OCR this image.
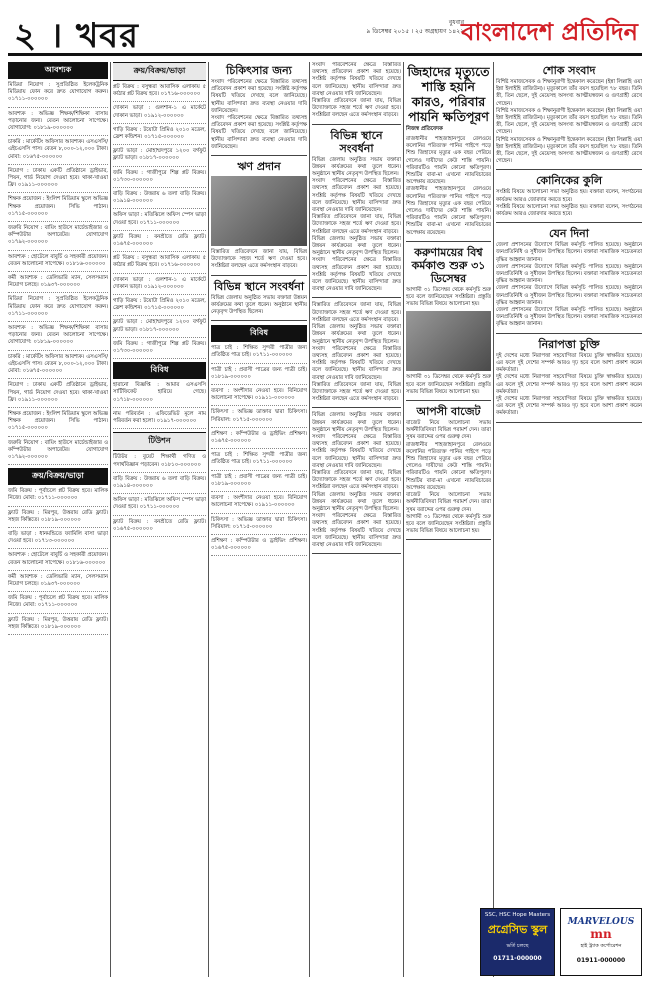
২ । খবর	বুধবার
৯ ডিসেম্বর ২০১৫ । ২৫ অগ্রহায়ণ ১৪২২
বাংলাদেশ প্রতিদিন
আবশ্যক
মিডিয়া নিয়োগ : সুপ্রতিষ্ঠিত ইলেকট্রনিক মিডিয়ায় ফোন করে দ্রুত যোগাযোগ করুন। ০১৭১১-০০০০০০
আবশ্যক : অভিজ্ঞ শিক্ষক/শিক্ষিকা বাসায় পড়ানোর জন্য। বেতন আলোচনা সাপেক্ষে। যোগাযোগ: ০১৮১৯-০০০০০০
চাকরি : মার্কেটিং অফিসার আবশ্যক। এসএসসি/এইচএসসি পাস। বেতন ৮,০০০-১২,০০০ টাকা। মোবা: ০১৬৭৫-০০০০০০
নিয়োগ : ঢাকায় একটি প্রতিষ্ঠানে ড্রাইভার, পিয়ন, গার্ড নিয়োগ দেওয়া হবে। থাকা-খাওয়া ফ্রি। ০১৯১১-০০০০০০
শিক্ষক প্রয়োজন : ইংলিশ মিডিয়াম স্কুলে অভিজ্ঞ শিক্ষক প্রয়োজন। সিভি পাঠান। ০১৭১৫-০০০০০০
জরুরি নিয়োগ : বায়িং হাউসে মার্চেন্ডাইজার ও কম্পিউটার অপারেটর। যোগাযোগ ০১৭৯২-০০০০০০
আবশ্যক : হোটেলে বাবুর্চি ও সহকারী প্রয়োজন। বেতন আলোচনা সাপেক্ষে। ০১৮১৬-০০০০০০
কর্মী আবশ্যক : ডেলিভারি ম্যান, সেলসম্যান নিয়োগ চলছে। ০১৯৩৭-০০০০০০
মিডিয়া নিয়োগ : সুপ্রতিষ্ঠিত ইলেকট্রনিক মিডিয়ায় ফোন করে দ্রুত যোগাযোগ করুন। ০১৭১১-০০০০০০
আবশ্যক : অভিজ্ঞ শিক্ষক/শিক্ষিকা বাসায় পড়ানোর জন্য। বেতন আলোচনা সাপেক্ষে। যোগাযোগ: ০১৮১৯-০০০০০০
চাকরি : মার্কেটিং অফিসার আবশ্যক। এসএসসি/এইচএসসি পাস। বেতন ৮,০০০-১২,০০০ টাকা। মোবা: ০১৬৭৫-০০০০০০
নিয়োগ : ঢাকায় একটি প্রতিষ্ঠানে ড্রাইভার, পিয়ন, গার্ড নিয়োগ দেওয়া হবে। থাকা-খাওয়া ফ্রি। ০১৯১১-০০০০০০
শিক্ষক প্রয়োজন : ইংলিশ মিডিয়াম স্কুলে অভিজ্ঞ শিক্ষক প্রয়োজন। সিভি পাঠান। ০১৭১৫-০০০০০০
জরুরি নিয়োগ : বায়িং হাউসে মার্চেন্ডাইজার ও কম্পিউটার অপারেটর। যোগাযোগ ০১৭৯২-০০০০০০
ক্রয়/বিক্রয়/ভাড়া
জমি বিক্রয় : পূর্বাচলে প্লট বিক্রয় হবে। মালিক নিজে। মোবা: ০১৭১১-০০০০০০
ফ্ল্যাট বিক্রয় : মিরপুর, উত্তরায় রেডি ফ্ল্যাট। সহজ কিস্তিতে। ০১৮১৯-০০০০০০
বাড়ি ভাড়া : ধানমন্ডিতে ফ্যামিলি বাসা ভাড়া দেওয়া হবে। ০১৭১৩-০০০০০০
আবশ্যক : হোটেলে বাবুর্চি ও সহকারী প্রয়োজন। বেতন আলোচনা সাপেক্ষে। ০১৮১৬-০০০০০০
কর্মী আবশ্যক : ডেলিভারি ম্যান, সেলসম্যান নিয়োগ চলছে। ০১৯৩৭-০০০০০০
জমি বিক্রয় : পূর্বাচলে প্লট বিক্রয় হবে। মালিক নিজে। মোবা: ০১৭১১-০০০০০০
ফ্ল্যাট বিক্রয় : মিরপুর, উত্তরায় রেডি ফ্ল্যাট। সহজ কিস্তিতে। ০১৮১৯-০০০০০০
ক্রয়/বিক্রয়/ভাড়া
প্লট বিক্রয় : বসুন্ধরা আবাসিক এলাকায় ৫ কাঠার প্লট বিক্রয় হবে। ০১৭১৬-০০০০০০
দোকান ভাড়া : গুলশান-১ এ মার্কেটে দোকান ভাড়া। ০১৯১২-০০০০০০
গাড়ি বিক্রয় : টয়োটা প্রিমিও ২০১০ মডেল, ফ্রেশ কন্ডিশন। ০১৭১৫-০০০০০০
ফ্ল্যাট ভাড়া : মোহাম্মদপুরে ১২০০ বর্গফুট ফ্ল্যাট ভাড়া। ০১৮১৭-০০০০০০
জমি বিক্রয় : গাজীপুরে শিল্প প্লট বিক্রয়। ০১৭৩০-০০০০০০
বাড়ি বিক্রয় : উত্তরায় ৬ তলা বাড়ি বিক্রয়। ০১৯১৪-০০০০০০
অফিস ভাড়া : মতিঝিলে অফিস স্পেস ভাড়া দেওয়া হবে। ০১৭১১-০০০০০০
ফ্ল্যাট বিক্রয় : বনশ্রীতে রেডি ফ্ল্যাট। ০১৬৭৫-০০০০০০
প্লট বিক্রয় : বসুন্ধরা আবাসিক এলাকায় ৫ কাঠার প্লট বিক্রয় হবে। ০১৭১৬-০০০০০০
দোকান ভাড়া : গুলশান-১ এ মার্কেটে দোকান ভাড়া। ০১৯১২-০০০০০০
গাড়ি বিক্রয় : টয়োটা প্রিমিও ২০১০ মডেল, ফ্রেশ কন্ডিশন। ০১৭১৫-০০০০০০
ফ্ল্যাট ভাড়া : মোহাম্মদপুরে ১২০০ বর্গফুট ফ্ল্যাট ভাড়া। ০১৮১৭-০০০০০০
জমি বিক্রয় : গাজীপুরে শিল্প প্লট বিক্রয়। ০১৭৩০-০০০০০০
বিবিধ
হারানো বিজ্ঞপ্তি : আমার এসএসসি সার্টিফিকেট হারিয়ে গেছে। ০১৭১৮-০০০০০০
নাম পরিবর্তন : এফিডেভিট মূলে নাম পরিবর্তন করা হলো। ০১৯১৭-০০০০০০
টিউশন
টিউটর : বুয়েট শিক্ষার্থী গণিত ও পদার্থবিজ্ঞান পড়াবেন। ০১৮১০-০০০০০০
বাড়ি বিক্রয় : উত্তরায় ৬ তলা বাড়ি বিক্রয়। ০১৯১৪-০০০০০০
অফিস ভাড়া : মতিঝিলে অফিস স্পেস ভাড়া দেওয়া হবে। ০১৭১১-০০০০০০
ফ্ল্যাট বিক্রয় : বনশ্রীতে রেডি ফ্ল্যাট। ০১৬৭৫-০০০০০০
চিকিৎসার জন্য
সংবাদ পরিবেশনের ক্ষেত্রে বিস্তারিত তথ্যসহ প্রতিবেদন প্রকাশ করা হয়েছে। সংশ্লিষ্ট কর্তৃপক্ষ বিষয়টি খতিয়ে দেখছে বলে জানিয়েছে। স্থানীয় বাসিন্দারা দ্রুত ব্যবস্থা নেওয়ার দাবি জানিয়েছেন।
সংবাদ পরিবেশনের ক্ষেত্রে বিস্তারিত তথ্যসহ প্রতিবেদন প্রকাশ করা হয়েছে। সংশ্লিষ্ট কর্তৃপক্ষ বিষয়টি খতিয়ে দেখছে বলে জানিয়েছে। স্থানীয় বাসিন্দারা দ্রুত ব্যবস্থা নেওয়ার দাবি জানিয়েছেন।
ঋণ প্রদান
বিস্তারিত প্রতিবেদনে জানা যায়, বিভিন্ন উদ্যোক্তাকে সহজ শর্তে ঋণ দেওয়া হবে। সংশ্লিষ্টরা বলছেন এতে কর্মসংস্থান বাড়বে।
বিভিন্ন স্থানে সংবর্ধনা
বিভিন্ন জেলায় অনুষ্ঠিত সভায় বক্তারা উন্নয়ন কার্যক্রমের কথা তুলে ধরেন। অনুষ্ঠানে স্থানীয় নেতৃবৃন্দ উপস্থিত ছিলেন।
বিবিধ
পাত্র চাই : শিক্ষিত সুন্দরী পাত্রীর জন্য প্রতিষ্ঠিত পাত্র চাই। ০১৭১১-০০০০০০
পাত্রী চাই : প্রবাসী পাত্রের জন্য পাত্রী চাই। ০১৮১৯-০০০০০০
ব্যবসা : অংশীদার নেওয়া হবে। বিনিয়োগ আলোচনা সাপেক্ষে। ০১৯১১-০০০০০০
চিকিৎসা : অভিজ্ঞ ডাক্তার দ্বারা চিকিৎসা। সিরিয়াল: ০১৭১৫-০০০০০০
প্রশিক্ষণ : কম্পিউটার ও ড্রাইভিং প্রশিক্ষণ। ০১৬৭৫-০০০০০০
পাত্র চাই : শিক্ষিত সুন্দরী পাত্রীর জন্য প্রতিষ্ঠিত পাত্র চাই। ০১৭১১-০০০০০০
পাত্রী চাই : প্রবাসী পাত্রের জন্য পাত্রী চাই। ০১৮১৯-০০০০০০
ব্যবসা : অংশীদার নেওয়া হবে। বিনিয়োগ আলোচনা সাপেক্ষে। ০১৯১১-০০০০০০
চিকিৎসা : অভিজ্ঞ ডাক্তার দ্বারা চিকিৎসা। সিরিয়াল: ০১৭১৫-০০০০০০
প্রশিক্ষণ : কম্পিউটার ও ড্রাইভিং প্রশিক্ষণ। ০১৬৭৫-০০০০০০
সংবাদ পরিবেশনের ক্ষেত্রে বিস্তারিত তথ্যসহ প্রতিবেদন প্রকাশ করা হয়েছে। সংশ্লিষ্ট কর্তৃপক্ষ বিষয়টি খতিয়ে দেখছে বলে জানিয়েছে। স্থানীয় বাসিন্দারা দ্রুত ব্যবস্থা নেওয়ার দাবি জানিয়েছেন।
বিস্তারিত প্রতিবেদনে জানা যায়, বিভিন্ন উদ্যোক্তাকে সহজ শর্তে ঋণ দেওয়া হবে। সংশ্লিষ্টরা বলছেন এতে কর্মসংস্থান বাড়বে।
বিভিন্ন স্থানে সংবর্ধনা
বিভিন্ন জেলায় অনুষ্ঠিত সভায় বক্তারা উন্নয়ন কার্যক্রমের কথা তুলে ধরেন। অনুষ্ঠানে স্থানীয় নেতৃবৃন্দ উপস্থিত ছিলেন।
সংবাদ পরিবেশনের ক্ষেত্রে বিস্তারিত তথ্যসহ প্রতিবেদন প্রকাশ করা হয়েছে। সংশ্লিষ্ট কর্তৃপক্ষ বিষয়টি খতিয়ে দেখছে বলে জানিয়েছে। স্থানীয় বাসিন্দারা দ্রুত ব্যবস্থা নেওয়ার দাবি জানিয়েছেন।
বিস্তারিত প্রতিবেদনে জানা যায়, বিভিন্ন উদ্যোক্তাকে সহজ শর্তে ঋণ দেওয়া হবে। সংশ্লিষ্টরা বলছেন এতে কর্মসংস্থান বাড়বে।
বিভিন্ন জেলায় অনুষ্ঠিত সভায় বক্তারা উন্নয়ন কার্যক্রমের কথা তুলে ধরেন। অনুষ্ঠানে স্থানীয় নেতৃবৃন্দ উপস্থিত ছিলেন।
সংবাদ পরিবেশনের ক্ষেত্রে বিস্তারিত তথ্যসহ প্রতিবেদন প্রকাশ করা হয়েছে। সংশ্লিষ্ট কর্তৃপক্ষ বিষয়টি খতিয়ে দেখছে বলে জানিয়েছে। স্থানীয় বাসিন্দারা দ্রুত ব্যবস্থা নেওয়ার দাবি জানিয়েছেন।
বিস্তারিত প্রতিবেদনে জানা যায়, বিভিন্ন উদ্যোক্তাকে সহজ শর্তে ঋণ দেওয়া হবে। সংশ্লিষ্টরা বলছেন এতে কর্মসংস্থান বাড়বে।
বিভিন্ন জেলায় অনুষ্ঠিত সভায় বক্তারা উন্নয়ন কার্যক্রমের কথা তুলে ধরেন। অনুষ্ঠানে স্থানীয় নেতৃবৃন্দ উপস্থিত ছিলেন।
সংবাদ পরিবেশনের ক্ষেত্রে বিস্তারিত তথ্যসহ প্রতিবেদন প্রকাশ করা হয়েছে। সংশ্লিষ্ট কর্তৃপক্ষ বিষয়টি খতিয়ে দেখছে বলে জানিয়েছে। স্থানীয় বাসিন্দারা দ্রুত ব্যবস্থা নেওয়ার দাবি জানিয়েছেন।
বিস্তারিত প্রতিবেদনে জানা যায়, বিভিন্ন উদ্যোক্তাকে সহজ শর্তে ঋণ দেওয়া হবে। সংশ্লিষ্টরা বলছেন এতে কর্মসংস্থান বাড়বে।
বিভিন্ন জেলায় অনুষ্ঠিত সভায় বক্তারা উন্নয়ন কার্যক্রমের কথা তুলে ধরেন। অনুষ্ঠানে স্থানীয় নেতৃবৃন্দ উপস্থিত ছিলেন।
সংবাদ পরিবেশনের ক্ষেত্রে বিস্তারিত তথ্যসহ প্রতিবেদন প্রকাশ করা হয়েছে। সংশ্লিষ্ট কর্তৃপক্ষ বিষয়টি খতিয়ে দেখছে বলে জানিয়েছে। স্থানীয় বাসিন্দারা দ্রুত ব্যবস্থা নেওয়ার দাবি জানিয়েছেন।
বিস্তারিত প্রতিবেদনে জানা যায়, বিভিন্ন উদ্যোক্তাকে সহজ শর্তে ঋণ দেওয়া হবে। সংশ্লিষ্টরা বলছেন এতে কর্মসংস্থান বাড়বে।
বিভিন্ন জেলায় অনুষ্ঠিত সভায় বক্তারা উন্নয়ন কার্যক্রমের কথা তুলে ধরেন। অনুষ্ঠানে স্থানীয় নেতৃবৃন্দ উপস্থিত ছিলেন।
সংবাদ পরিবেশনের ক্ষেত্রে বিস্তারিত তথ্যসহ প্রতিবেদন প্রকাশ করা হয়েছে। সংশ্লিষ্ট কর্তৃপক্ষ বিষয়টি খতিয়ে দেখছে বলে জানিয়েছে। স্থানীয় বাসিন্দারা দ্রুত ব্যবস্থা নেওয়ার দাবি জানিয়েছেন।
জিহাদের মৃত্যুতে শাস্তি হয়নি কারও, পরিবার পায়নি ক্ষতিপূরণ
নিজস্ব প্রতিবেদক
রাজধানীর শাহজাহানপুরে রেলওয়ে কলোনির পরিত্যক্ত পানির পাইপে পড়ে শিশু জিহাদের মৃত্যুর এক বছর পেরিয়ে গেলেও দায়ীদের কেউ শাস্তি পায়নি। পরিবারটিও পায়নি কোনো ক্ষতিপূরণ। শিশুটির বাবা-মা এখনো ন্যায়বিচারের অপেক্ষায় রয়েছেন।
রাজধানীর শাহজাহানপুরে রেলওয়ে কলোনির পরিত্যক্ত পানির পাইপে পড়ে শিশু জিহাদের মৃত্যুর এক বছর পেরিয়ে গেলেও দায়ীদের কেউ শাস্তি পায়নি। পরিবারটিও পায়নি কোনো ক্ষতিপূরণ। শিশুটির বাবা-মা এখনো ন্যায়বিচারের অপেক্ষায় রয়েছেন।
করুণাময়ের বিশ্ব কর্মকাণ্ড শুরু ৩১ ডিসেম্বর
আগামী ৩১ ডিসেম্বর থেকে কর্মসূচি শুরু হবে বলে জানিয়েছেন সংশ্লিষ্টরা। প্রস্তুতি সভায় বিভিন্ন বিষয়ে আলোচনা হয়।
আগামী ৩১ ডিসেম্বর থেকে কর্মসূচি শুরু হবে বলে জানিয়েছেন সংশ্লিষ্টরা। প্রস্তুতি সভায় বিভিন্ন বিষয়ে আলোচনা হয়।
আপসী বাজেট
বাজেট নিয়ে আলোচনা সভায় অর্থনীতিবিদরা বিভিন্ন পরামর্শ দেন। তারা সুষম বরাদ্দের ওপর গুরুত্ব দেন।
রাজধানীর শাহজাহানপুরে রেলওয়ে কলোনির পরিত্যক্ত পানির পাইপে পড়ে শিশু জিহাদের মৃত্যুর এক বছর পেরিয়ে গেলেও দায়ীদের কেউ শাস্তি পায়নি। পরিবারটিও পায়নি কোনো ক্ষতিপূরণ। শিশুটির বাবা-মা এখনো ন্যায়বিচারের অপেক্ষায় রয়েছেন।
বাজেট নিয়ে আলোচনা সভায় অর্থনীতিবিদরা বিভিন্ন পরামর্শ দেন। তারা সুষম বরাদ্দের ওপর গুরুত্ব দেন।
আগামী ৩১ ডিসেম্বর থেকে কর্মসূচি শুরু হবে বলে জানিয়েছেন সংশ্লিষ্টরা। প্রস্তুতি সভায় বিভিন্ন বিষয়ে আলোচনা হয়।
শোক সংবাদ
বিশিষ্ট সমাজসেবক ও শিক্ষানুরাগী ইন্তেকাল করেছেন (ইন্না লিল্লাহি ওয়া ইন্না ইলাইহি রাজিউন)। মৃত্যুকালে তাঁর বয়স হয়েছিল ৭৮ বছর। তিনি স্ত্রী, তিন ছেলে, দুই মেয়েসহ অসংখ্য আত্মীয়স্বজন ও গুণগ্রাহী রেখে গেছেন।
বিশিষ্ট সমাজসেবক ও শিক্ষানুরাগী ইন্তেকাল করেছেন (ইন্না লিল্লাহি ওয়া ইন্না ইলাইহি রাজিউন)। মৃত্যুকালে তাঁর বয়স হয়েছিল ৭৮ বছর। তিনি স্ত্রী, তিন ছেলে, দুই মেয়েসহ অসংখ্য আত্মীয়স্বজন ও গুণগ্রাহী রেখে গেছেন।
বিশিষ্ট সমাজসেবক ও শিক্ষানুরাগী ইন্তেকাল করেছেন (ইন্না লিল্লাহি ওয়া ইন্না ইলাইহি রাজিউন)। মৃত্যুকালে তাঁর বয়স হয়েছিল ৭৮ বছর। তিনি স্ত্রী, তিন ছেলে, দুই মেয়েসহ অসংখ্য আত্মীয়স্বজন ও গুণগ্রাহী রেখে গেছেন।
কোনিকের কুলি
সংশ্লিষ্ট বিষয়ে আলোচনা সভা অনুষ্ঠিত হয়। বক্তারা বলেন, সংগঠনের কার্যক্রম আরও জোরদার করতে হবে।
সংশ্লিষ্ট বিষয়ে আলোচনা সভা অনুষ্ঠিত হয়। বক্তারা বলেন, সংগঠনের কার্যক্রম আরও জোরদার করতে হবে।
যেন দিনা
জেলা প্রশাসনের উদ্যোগে বিভিন্ন কর্মসূচি পালিত হয়েছে। অনুষ্ঠানে জনপ্রতিনিধি ও সুধীজন উপস্থিত ছিলেন। বক্তারা সামাজিক সচেতনতা বৃদ্ধির আহ্বান জানান।
জেলা প্রশাসনের উদ্যোগে বিভিন্ন কর্মসূচি পালিত হয়েছে। অনুষ্ঠানে জনপ্রতিনিধি ও সুধীজন উপস্থিত ছিলেন। বক্তারা সামাজিক সচেতনতা বৃদ্ধির আহ্বান জানান।
জেলা প্রশাসনের উদ্যোগে বিভিন্ন কর্মসূচি পালিত হয়েছে। অনুষ্ঠানে জনপ্রতিনিধি ও সুধীজন উপস্থিত ছিলেন। বক্তারা সামাজিক সচেতনতা বৃদ্ধির আহ্বান জানান।
জেলা প্রশাসনের উদ্যোগে বিভিন্ন কর্মসূচি পালিত হয়েছে। অনুষ্ঠানে জনপ্রতিনিধি ও সুধীজন উপস্থিত ছিলেন। বক্তারা সামাজিক সচেতনতা বৃদ্ধির আহ্বান জানান।
নিরাপত্তা চুক্তি
দুই দেশের মধ্যে নিরাপত্তা সহযোগিতা বিষয়ে চুক্তি স্বাক্ষরিত হয়েছে। এর ফলে দুই দেশের সম্পর্ক আরও দৃঢ় হবে বলে আশা প্রকাশ করেন কর্মকর্তারা।
দুই দেশের মধ্যে নিরাপত্তা সহযোগিতা বিষয়ে চুক্তি স্বাক্ষরিত হয়েছে। এর ফলে দুই দেশের সম্পর্ক আরও দৃঢ় হবে বলে আশা প্রকাশ করেন কর্মকর্তারা।
দুই দেশের মধ্যে নিরাপত্তা সহযোগিতা বিষয়ে চুক্তি স্বাক্ষরিত হয়েছে। এর ফলে দুই দেশের সম্পর্ক আরও দৃঢ় হবে বলে আশা প্রকাশ করেন কর্মকর্তারা।
SSC, HSC Hope Masters
প্রগ্রেসিভ স্কুল
ভর্তি চলছে
01711-000000
MARVELOUS
mn
হাই ট্র্যাক কর্পোরেশন
01911-000000
